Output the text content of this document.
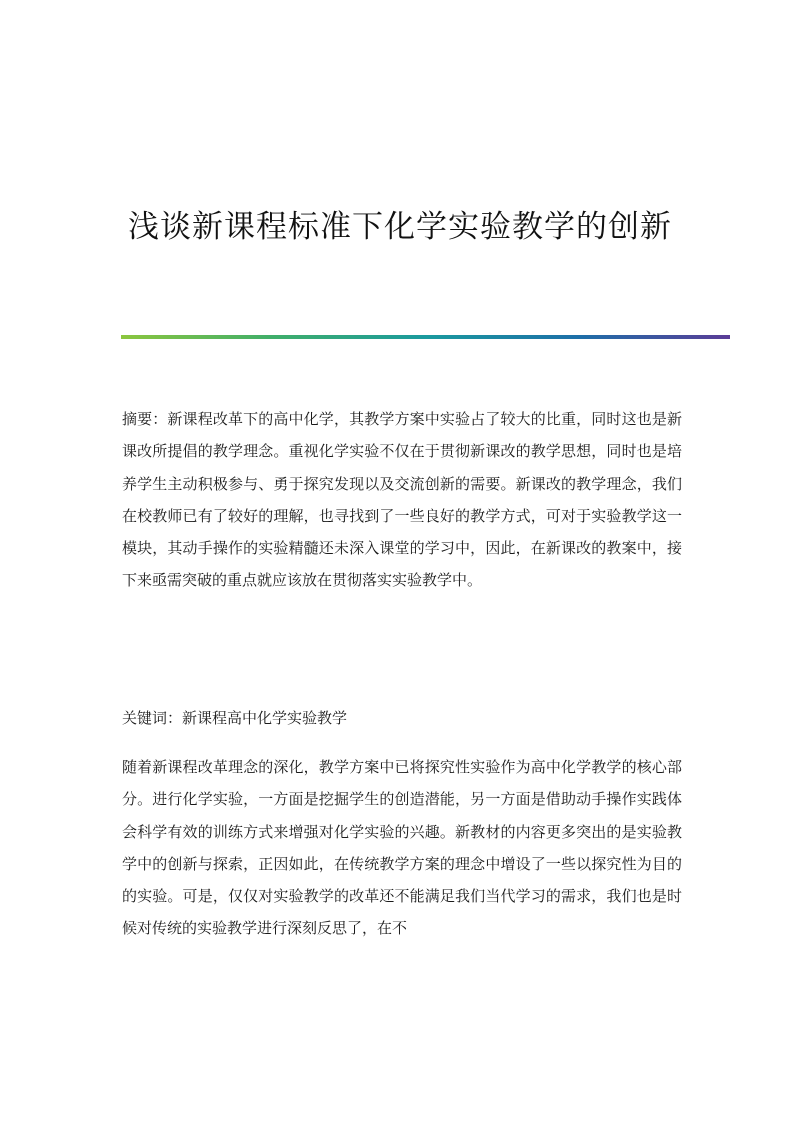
浅谈新课程标准下化学实验教学的创新

摘要：新课程改革下的高中化学，其教学方案中实验占了较大的比重，同时这也是新课改所提倡的教学理念。重视化学实验不仅在于贯彻新课改的教学思想，同时也是培养学生主动积极参与、勇于探究发现以及交流创新的需要。新课改的教学理念，我们在校教师已有了较好的理解，也寻找到了一些良好的教学方式，可对于实验教学这一模块，其动手操作的实验精髓还未深入课堂的学习中，因此，在新课改的教案中，接下来亟需突破的重点就应该放在贯彻落实实验教学中。

关键词：新课程高中化学实验教学

随着新课程改革理念的深化，教学方案中已将探究性实验作为高中化学教学的核心部分。进行化学实验，一方面是挖掘学生的创造潜能，另一方面是借助动手操作实践体会科学有效的训练方式来增强对化学实验的兴趣。新教材的内容更多突出的是实验教学中的创新与探索，正因如此，在传统教学方案的理念中增设了一些以探究性为目的的实验。可是，仅仅对实验教学的改革还不能满足我们当代学习的需求，我们也是时候对传统的实验教学进行深刻反思了，在不
